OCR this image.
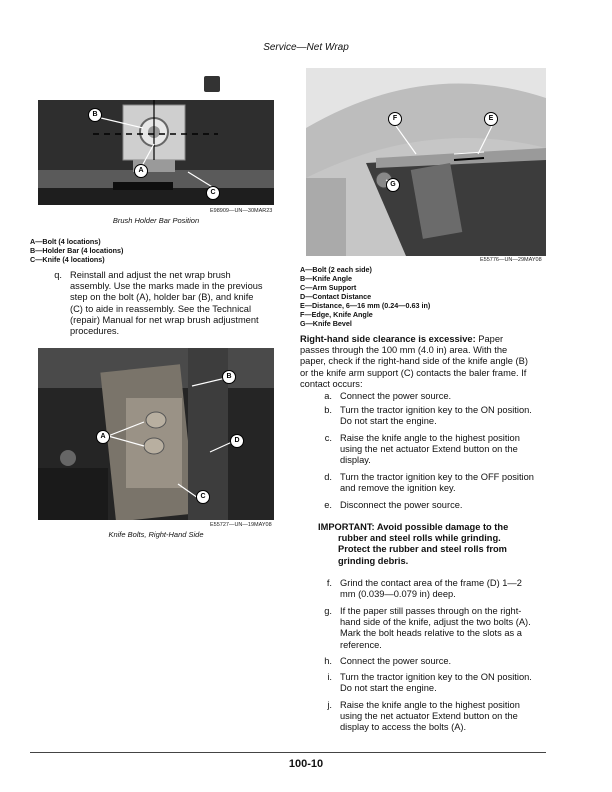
Service—Net Wrap
B
A
C
E98909—UN—30MAR23
Brush Holder Bar Position
A—Bolt (4 locations)
B—Holder Bar (4 locations)
C—Knife (4 locations)
q. Reinstall and adjust the net wrap brush
assembly. Use the marks made in the previous
step on the bolt (A), holder bar (B), and knife
(C) to aide in reassembly. See the Technical
(repair) Manual for net wrap brush adjustment
procedures.
B
A
D
C
E55727—UN—19MAY08
Knife Bolts, Right-Hand Side
F	E
G
E55776—UN—29MAY08
A—Bolt (2 each side)
B—Knife Angle
C—Arm Support
D—Contact Distance
E—Distance, 6—16 mm (0.24—0.63 in)
F—Edge, Knife Angle
G—Knife Bevel
Right-hand side clearance is excessive: Paper
passes through the 100 mm (4.0 in) area. With the
paper, check if the right-hand side of the knife angle (B)
or the knife arm support (C) contacts the baler frame. If
contact occurs:
a. Connect the power source.
b. Turn the tractor ignition key to the ON position.
Do not start the engine.
c. Raise the knife angle to the highest position
using the net actuator Extend button on the
display.
d. Turn the tractor ignition key to the OFF position
and remove the ignition key.
e. Disconnect the power source.
IMPORTANT: Avoid possible damage to the
rubber and steel rolls while grinding.
Protect the rubber and steel rolls from
grinding debris.
f. Grind the contact area of the frame (D) 1—2
mm (0.039—0.079 in) deep.
g. If the paper still passes through on the right-
hand side of the knife, adjust the two bolts (A).
Mark the bolt heads relative to the slots as a
reference.
h. Connect the power source.
i. Turn the tractor ignition key to the ON position.
Do not start the engine.
j. Raise the knife angle to the highest position
using the net actuator Extend button on the
display to access the bolts (A).
100-10
